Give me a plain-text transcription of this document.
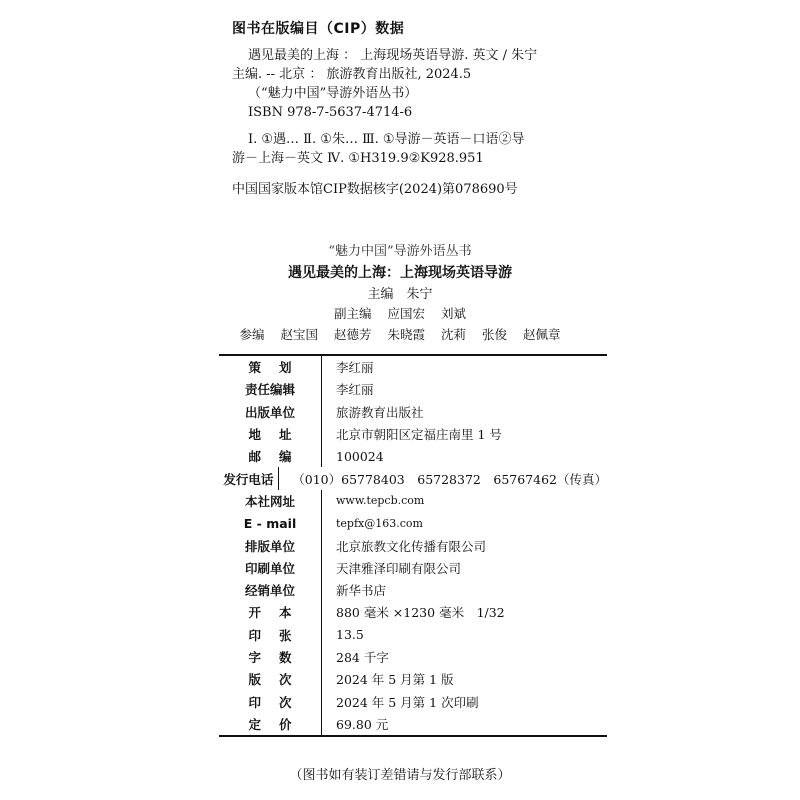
图书在版编目（CIP）数据
遇见最美的上海 ： 上海现场英语导游. 英文 / 朱宁
主编. -- 北京 ： 旅游教育出版社, 2024.5
（“魅力中国”导游外语丛书）
ISBN 978-7-5637-4714-6
Ⅰ. ①遇… Ⅱ. ①朱… Ⅲ. ①导游－英语－口语②导
游－上海－英文 Ⅳ. ①H319.9②K928.951
中国国家版本馆CIP数据核字(2024)第078690号
“魅力中国”导游外语丛书
遇见最美的上海：上海现场英语导游
主编　朱宁
副主编 应国宏 刘斌
参编 赵宝国 赵德芳 朱晓霞 沈莉 张俊 赵佩章
策划	李红丽
责任编辑	李红丽
出版单位	旅游教育出版社
地址	北京市朝阳区定福庄南里 1 号
邮编	100024
发行电话	（010）65778403　65728372　65767462（传真）
本社网址	www.tepcb.com
E - mail	tepfx@163.com
排版单位	北京旅教文化传播有限公司
印刷单位	天津雅泽印刷有限公司
经销单位	新华书店
开本	880 毫米 ×1230 毫米　1/32
印张	13.5
字数	284 千字
版次	2024 年 5 月第 1 版
印次	2024 年 5 月第 1 次印刷
定价	69.80 元
（图书如有装订差错请与发行部联系）
